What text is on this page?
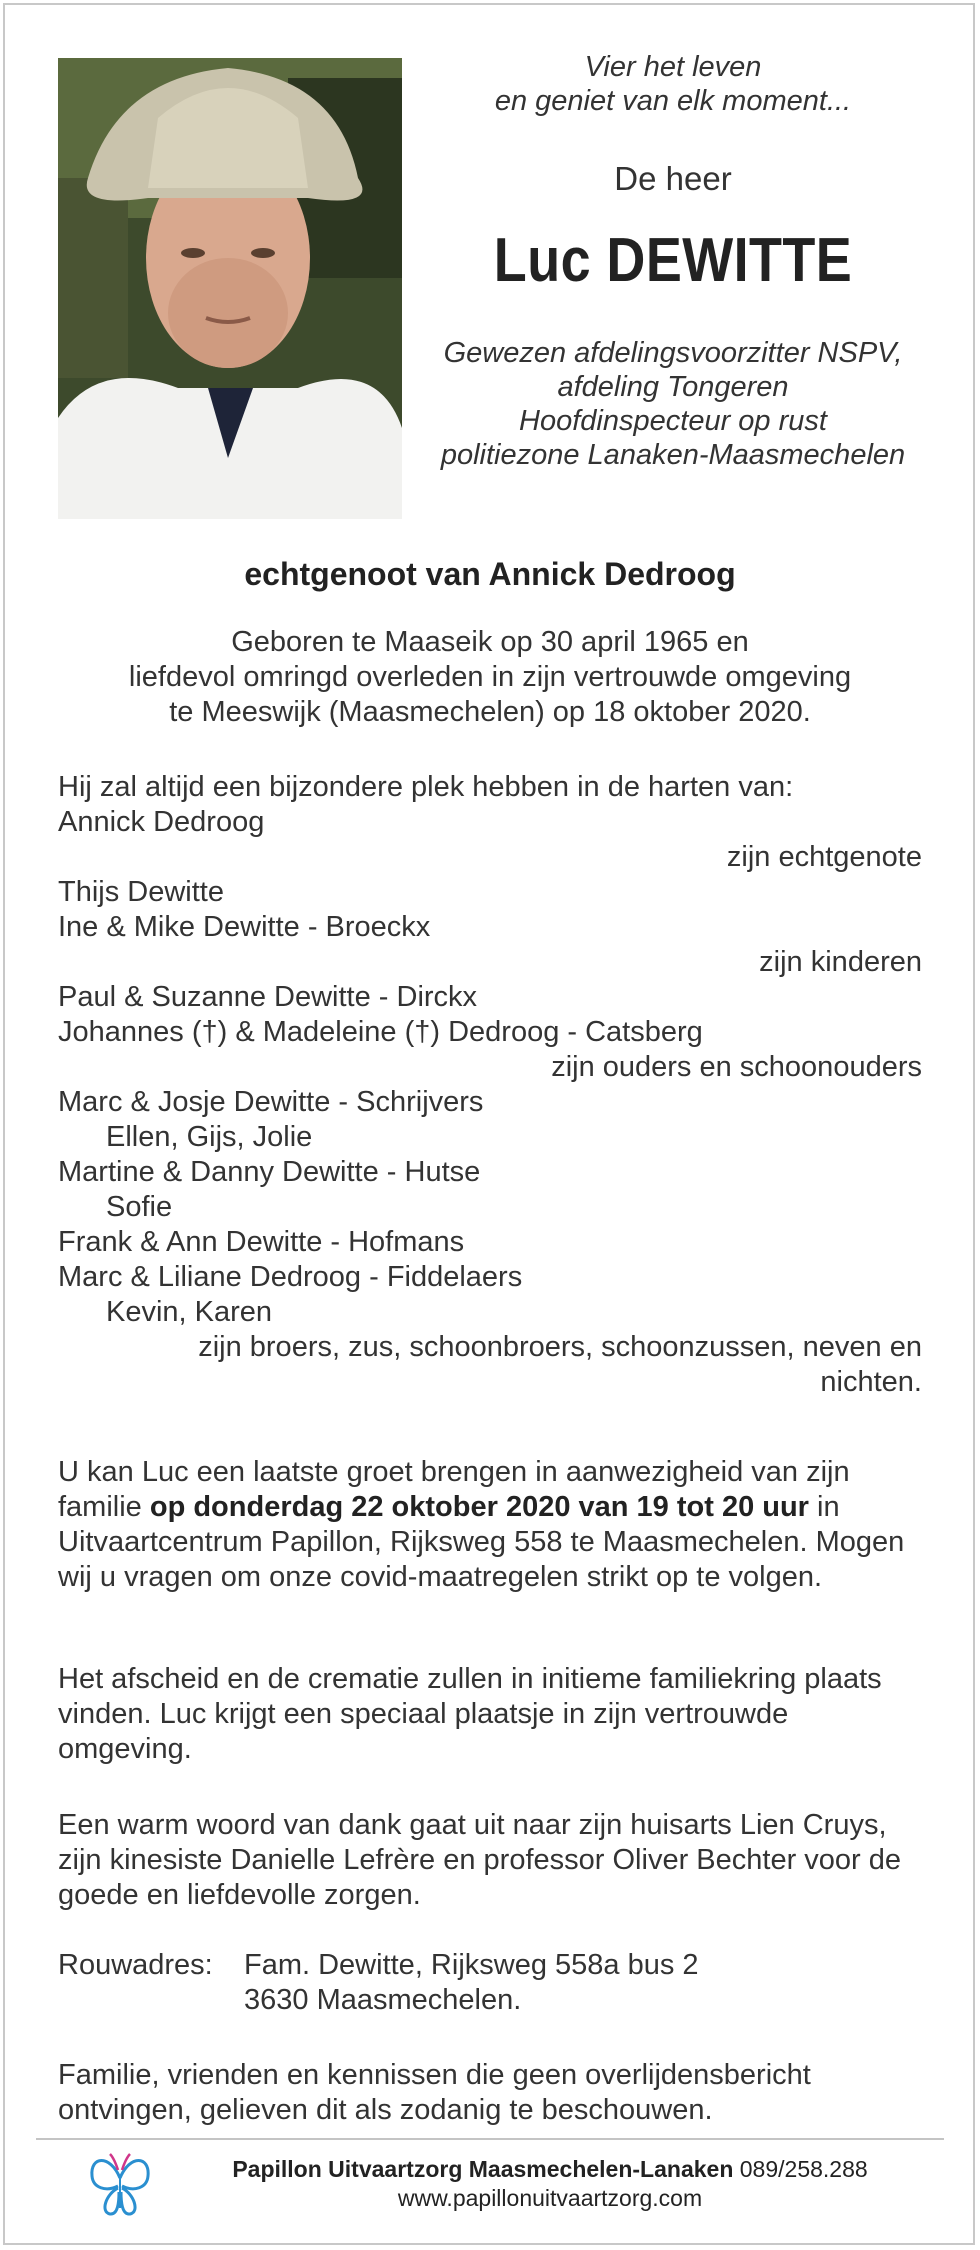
Vier het leven
en geniet van elk moment...
De heer
Luc DEWITTE
Gewezen afdelingsvoorzitter NSPV,
afdeling Tongeren
Hoofdinspecteur op rust
politiezone Lanaken-Maasmechelen
echtgenoot van Annick Dedroog
Geboren te Maaseik op 30 april 1965 en
liefdevol omringd overleden in zijn vertrouwde omgeving
te Meeswijk (Maasmechelen) op 18 oktober 2020.
Hij zal altijd een bijzondere plek hebben in de harten van:
Annick Dedroog
zijn echtgenote
Thijs Dewitte
Ine & Mike Dewitte - Broeckx
zijn kinderen
Paul & Suzanne Dewitte - Dirckx
Johannes (†) & Madeleine (†) Dedroog - Catsberg
zijn ouders en schoonouders
Marc & Josje Dewitte - Schrijvers
Ellen, Gijs, Jolie
Martine & Danny Dewitte - Hutse
Sofie
Frank & Ann Dewitte - Hofmans
Marc & Liliane Dedroog - Fiddelaers
Kevin, Karen
zijn broers, zus, schoonbroers, schoonzussen, neven en
nichten.
U kan Luc een laatste groet brengen in aanwezigheid van zijn familie op donderdag 22 oktober 2020 van 19 tot 20 uur in Uitvaartcentrum Papillon, Rijksweg 558 te Maasmechelen. Mogen wij u vragen om onze covid-maatregelen strikt op te volgen.
Het afscheid en de crematie zullen in initieme familiekring plaats vinden. Luc krijgt een speciaal plaatsje in zijn vertrouwde omgeving.
Een warm woord van dank gaat uit naar zijn huisarts Lien Cruys, zijn kinesiste Danielle Lefrère en professor Oliver Bechter voor de goede en liefdevolle zorgen.
Rouwadres: Fam. Dewitte, Rijksweg 558a bus 2
3630 Maasmechelen.
Familie, vrienden en kennissen die geen overlijdensbericht ontvingen, gelieven dit als zodanig te beschouwen.
Papillon Uitvaartzorg Maasmechelen-Lanaken 089/258.288
www.papillonuitvaartzorg.com
